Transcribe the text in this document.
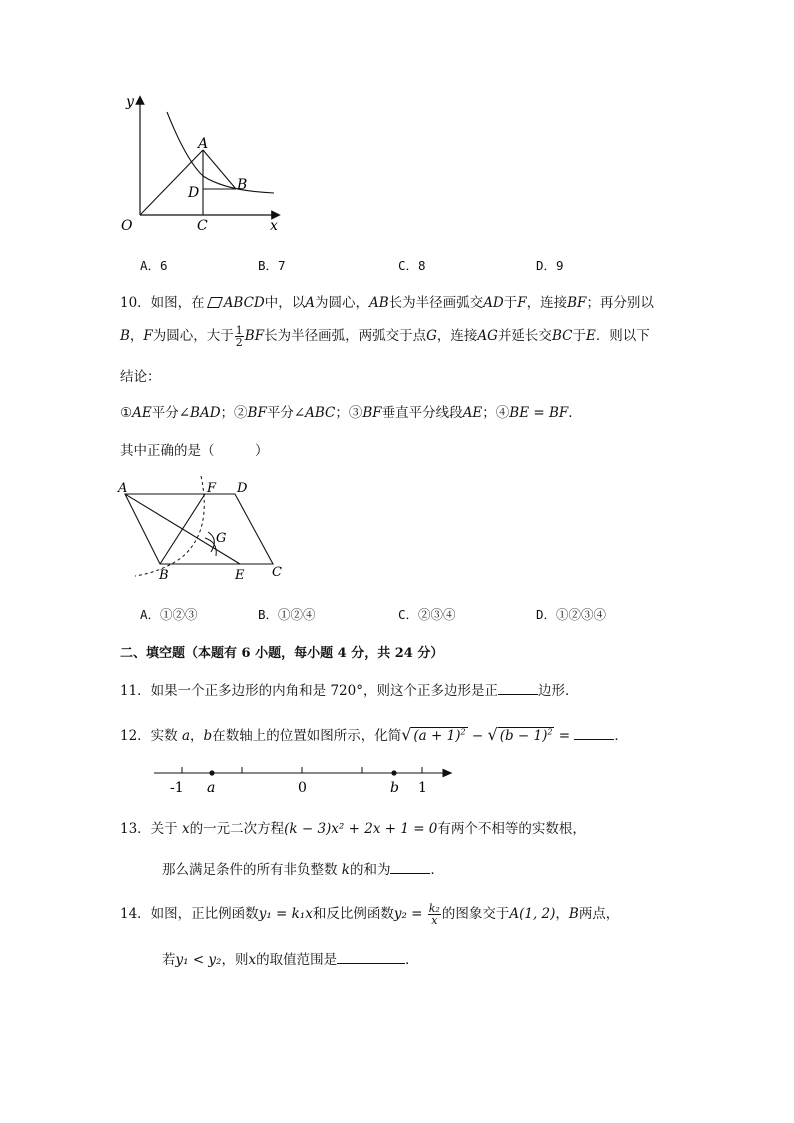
y
x
O	C
A
B
D
A．6	B．7	C．8	D．9
10．如图，在 ABCD中，以A为圆心，AB长为半径画弧交AD于F，连接BF；再分别以
B，F为圆心，大于 $\frac{1}{2}$ BF长为半径画弧，两弧交于点G，连接AG并延长交BC于E．则以下
结论：
①AE平分∠BAD；②BF平分∠ABC；③BF垂直平分线段AE；④BE = BF．
其中正确的是（　　　）
A	F D
G
B	E C
A．①②③	B．①②④	C．②③④	D．①②③④
二、填空题（本题有 6 小题，每小题 4 分，共 24 分）
11．如果一个正多边形的内角和是 720°，则这个正多边形是正	边形．
12．实数 a，b在数轴上的位置如图所示，化简√ $(a + 1)^2$ − √ $(b - 1)^2$ =	．
-1 a	0	b 1
13．关于 x的一元二次方程(k − 3)x² + 2x + 1 = 0有两个不相等的实数根，
那么满足条件的所有非负整数 k的和为	．
14．如图，正比例函数y₁ = k₁x和反比例函数$y_2 = \frac{\text{k₂}}{x}$ 的图象交于A(1, 2)，B两点，
若y₁ < y₂，则x的取值范围是	．
